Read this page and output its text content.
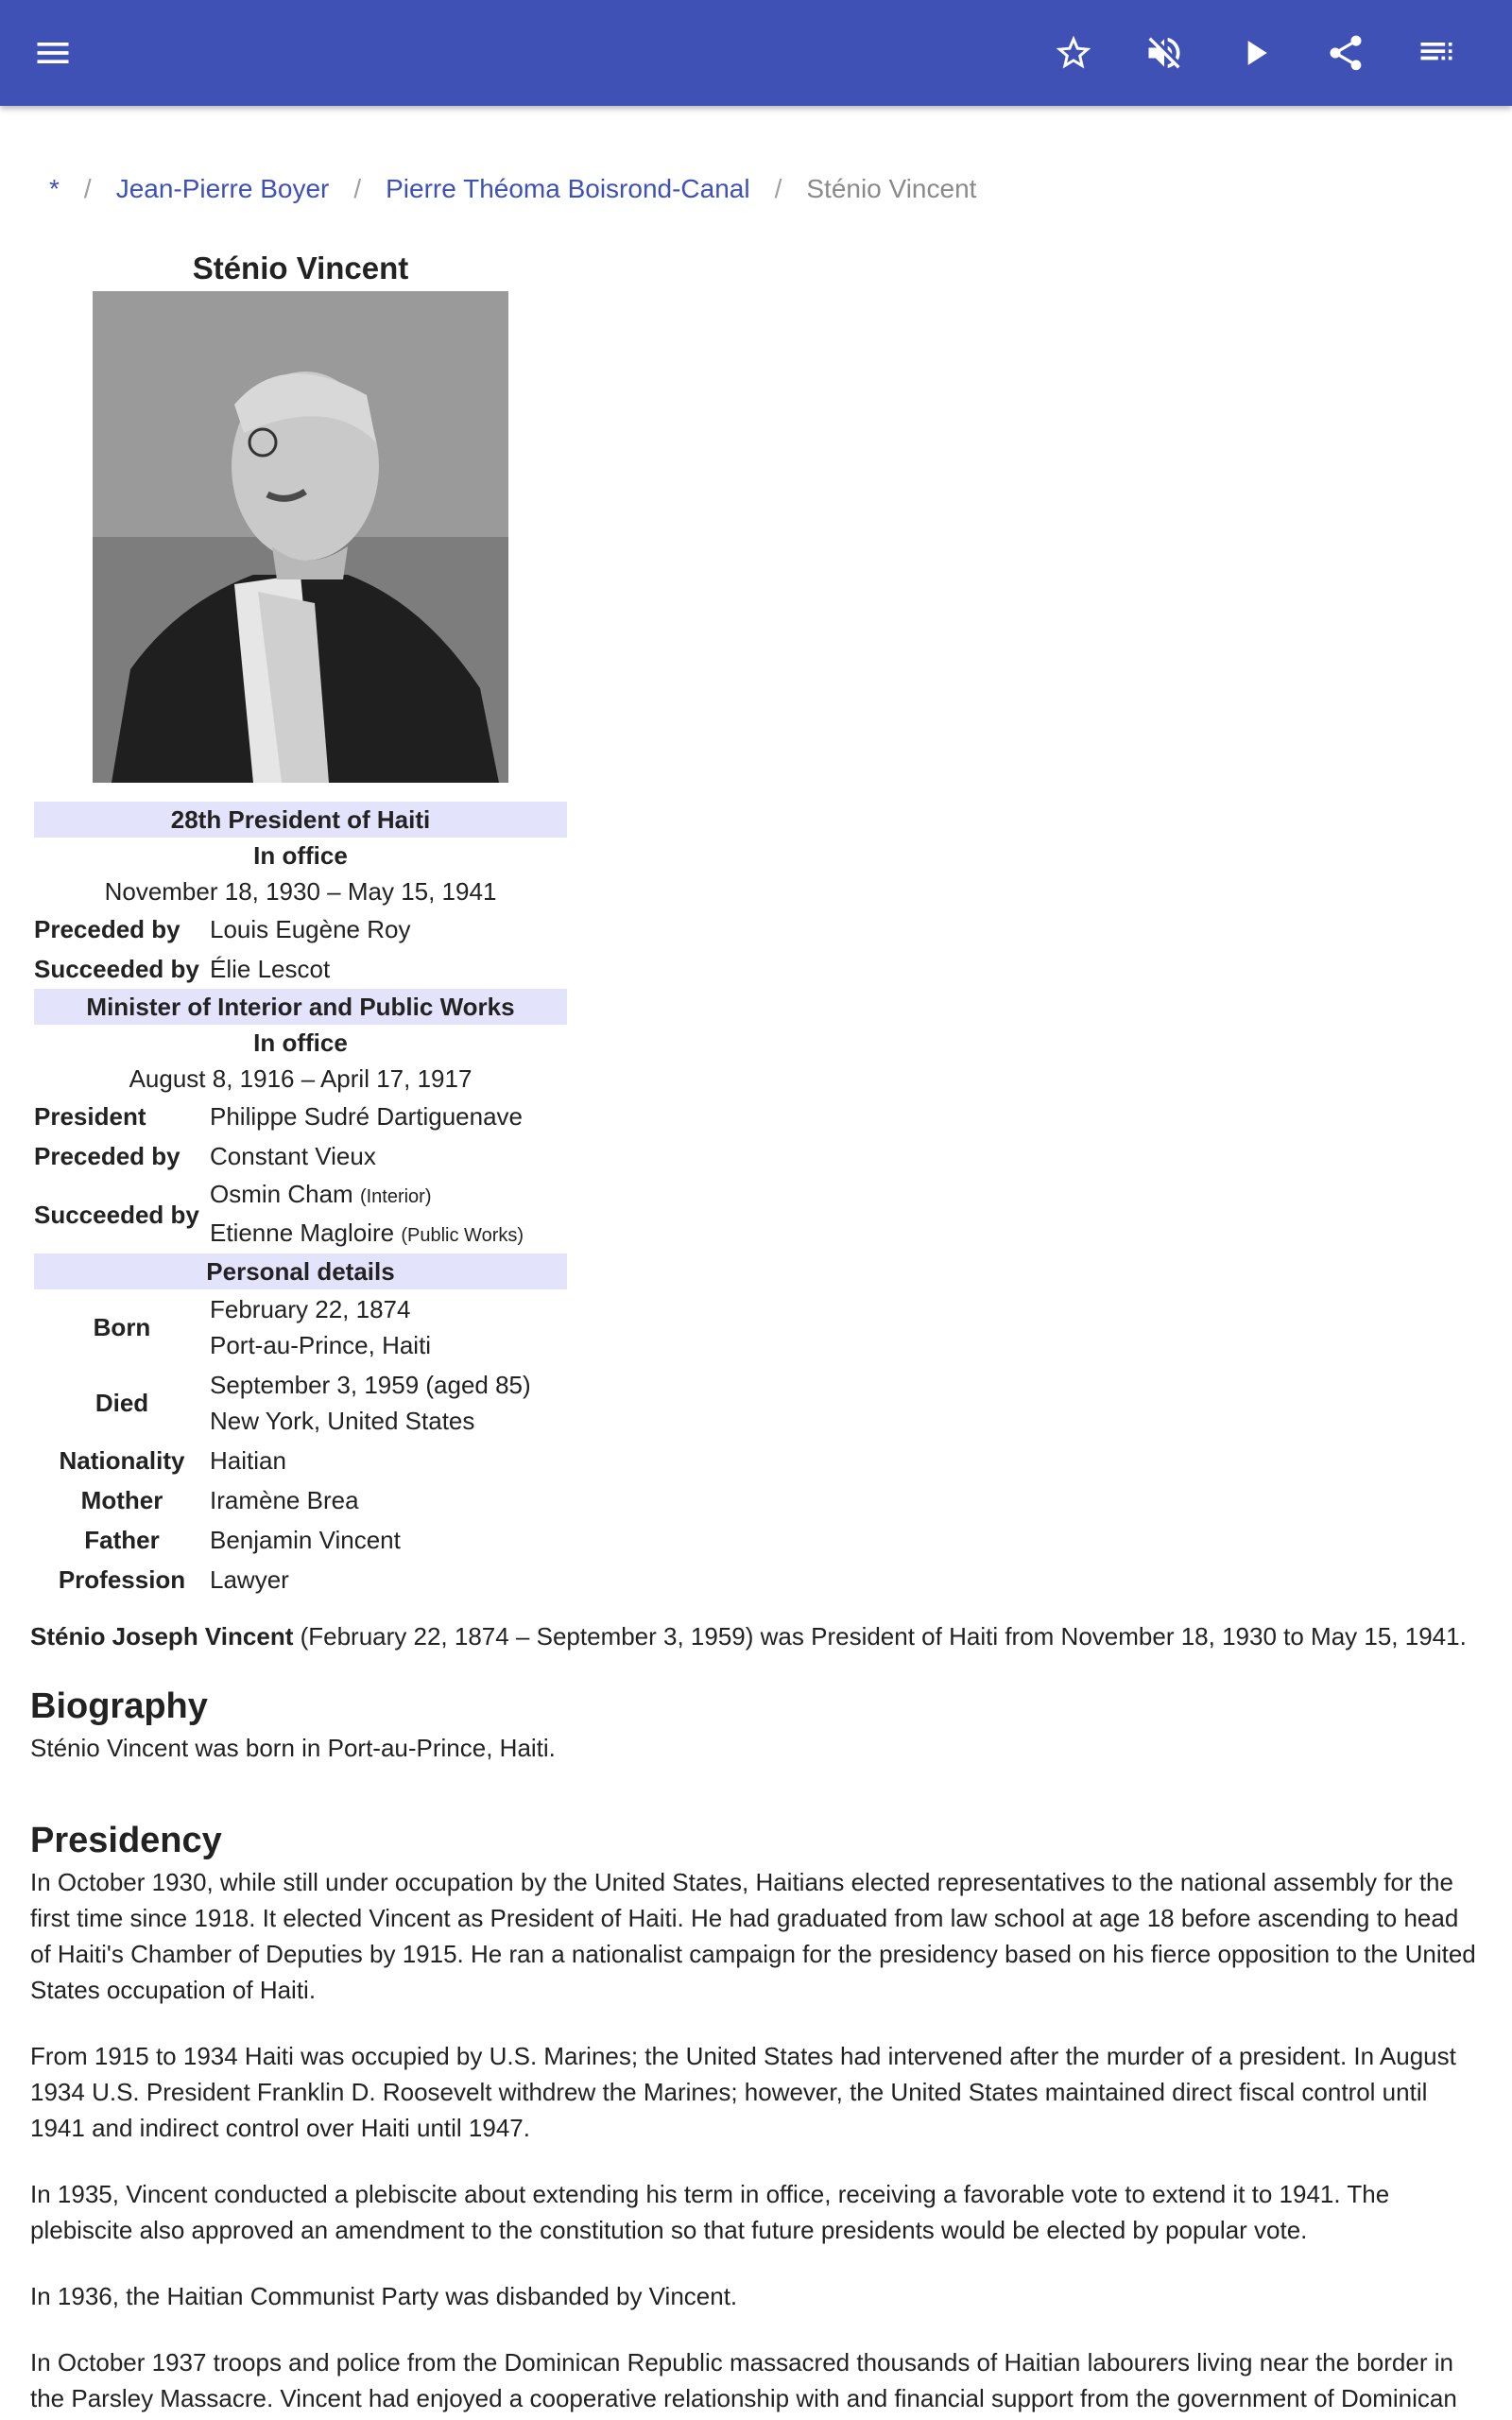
* / Jean-Pierre Boyer / Pierre Théoma Boisrond-Canal / Sténio Vincent
Sténio Vincent
28th President of Haiti
In office
November 18, 1930 – May 15, 1941
Preceded by	Louis Eugène Roy
Succeeded by Élie Lescot
Minister of Interior and Public Works
In office
August 8, 1916 – April 17, 1917
President	Philippe Sudré Dartiguenave
Preceded by	Constant Vieux
Succeeded by
Osmin Cham (Interior)
Etienne Magloire (Public Works)
Personal details
Born
February 22, 1874
Port-au-Prince, Haiti
Died
September 3, 1959 (aged 85)
New York, United States
Nationality	Haitian
Mother	Iramène Brea
Father	Benjamin Vincent
Profession Lawyer

Sténio Joseph Vincent (February 22, 1874 – September 3, 1959) was President of Haiti from November 18, 1930 to May 15, 1941.

Biography

Sténio Vincent was born in Port-au-Prince, Haiti.

Presidency

In October 1930, while still under occupation by the United States, Haitians elected representatives to the national assembly for the first time since 1918. It elected Vincent as President of Haiti. He had graduated from law school at age 18 before ascending to head of Haiti's Chamber of Deputies by 1915. He ran a nationalist campaign for the presidency based on his fierce opposition to the United States occupation of Haiti.

From 1915 to 1934 Haiti was occupied by U.S. Marines; the United States had intervened after the murder of a president. In August 1934 U.S. President Franklin D. Roosevelt withdrew the Marines; however, the United States maintained direct fiscal control until 1941 and indirect control over Haiti until 1947.

In 1935, Vincent conducted a plebiscite about extending his term in office, receiving a favorable vote to extend it to 1941. The plebiscite also approved an amendment to the constitution so that future presidents would be elected by popular vote.

In 1936, the Haitian Communist Party was disbanded by Vincent.

In October 1937 troops and police from the Dominican Republic massacred thousands of Haitian labourers living near the border in the Parsley Massacre. Vincent had enjoyed a cooperative relationship with and financial support from the government of Dominican
